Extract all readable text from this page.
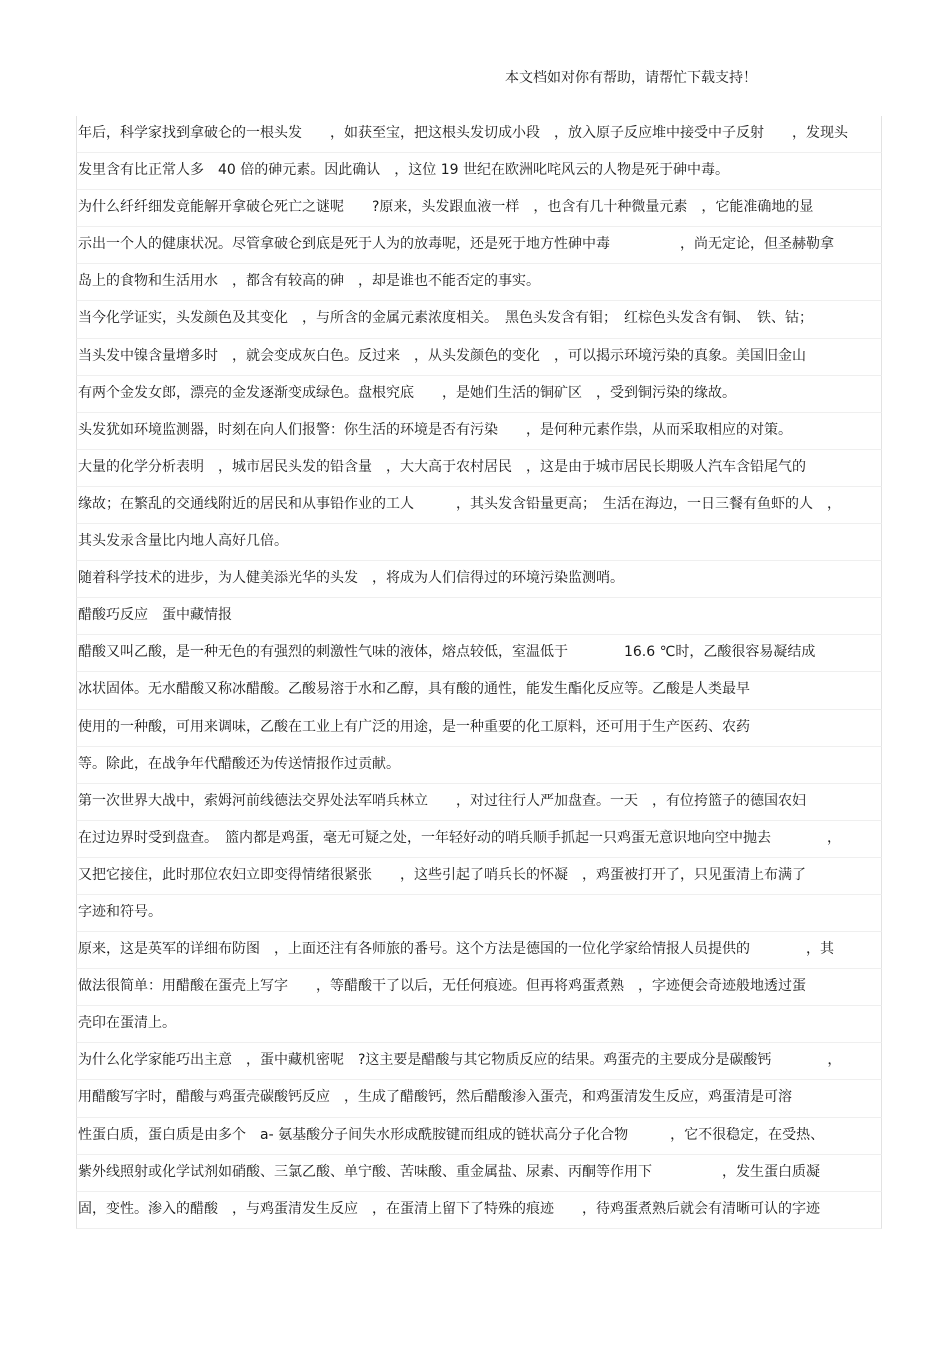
本文档如对你有帮助，请帮忙下载支持！
年后，科学家找到拿破仑的一根头发　　，如获至宝，把这根头发切成小段　，放入原子反应堆中接受中子反射　　，发现头
发里含有比正常人多　40 倍的砷元素。因此确认　，这位 19 世纪在欧洲叱咤风云的人物是死于砷中毒。
为什么纤纤细发竟能解开拿破仑死亡之谜呢　　?原来，头发跟血液一样　，也含有几十种微量元素　，它能准确地的显
示出一个人的健康状况。尽管拿破仑到底是死于人为的放毒呢，还是死于地方性砷中毒　　　　　，尚无定论，但圣赫勒拿
岛上的食物和生活用水　，都含有较高的砷　，却是谁也不能否定的事实。
当今化学证实，头发颜色及其变化　，与所含的金属元素浓度相关。　黑色头发含有钼；　红棕色头发含有铜、　铁、钴；
当头发中镍含量增多时　，就会变成灰白色。反过来　，从头发颜色的变化　，可以揭示环境污染的真象。美国旧金山
有两个金发女郎，漂亮的金发逐渐变成绿色。盘根究底　　，是她们生活的铜矿区　，受到铜污染的缘故。
头发犹如环境监测器，时刻在向人们报警：你生活的环境是否有污染　　，是何种元素作祟，从而采取相应的对策。
大量的化学分析表明　，城市居民头发的铅含量　，大大高于农村居民　，这是由于城市居民长期吸人汽车含铅尾气的
缘故；在繁乱的交通线附近的居民和从事铅作业的工人　　　，其头发含铅量更高；　生活在海边，一日三餐有鱼虾的人　，
其头发汞含量比内地人高好几倍。
随着科学技术的进步，为人健美添光华的头发　，将成为人们信得过的环境污染监测哨。
醋酸巧反应　蛋中藏情报
醋酸又叫乙酸，是一种无色的有强烈的刺激性气味的液体，熔点较低，室温低于　　　　16.6 ℃时，乙酸很容易凝结成
冰状固体。无水醋酸又称冰醋酸。乙酸易溶于水和乙醇，具有酸的通性，能发生酯化反应等。乙酸是人类最早
使用的一种酸，可用来调味，乙酸在工业上有广泛的用途，是一种重要的化工原料，还可用于生产医药、农药
等。除此，在战争年代醋酸还为传送情报作过贡献。
第一次世界大战中，索姆河前线德法交界处法军哨兵林立　　，对过往行人严加盘查。一天　，有位挎篮子的德国农妇
在过边界时受到盘查。　篮内都是鸡蛋，毫无可疑之处，一年轻好动的哨兵顺手抓起一只鸡蛋无意识地向空中抛去　　　　，
又把它接住，此时那位农妇立即变得情绪很紧张　　，这些引起了哨兵长的怀凝　，鸡蛋被打开了，只见蛋清上布满了
字迹和符号。
原来，这是英军的详细布防图　，上面还注有各师旅的番号。这个方法是德国的一位化学家给情报人员提供的　　　　，其
做法很简单：用醋酸在蛋壳上写字　　，等醋酸干了以后，无任何痕迹。但再将鸡蛋煮熟　，字迹便会奇迹般地透过蛋
壳印在蛋清上。
为什么化学家能巧出主意　，蛋中藏机密呢　?这主要是醋酸与其它物质反应的结果。鸡蛋壳的主要成分是碳酸钙　　　　，
用醋酸写字时，醋酸与鸡蛋壳碳酸钙反应　，生成了醋酸钙，然后醋酸渗入蛋壳，和鸡蛋清发生反应，鸡蛋清是可溶
性蛋白质，蛋白质是由多个　a- 氨基酸分子间失水形成酰胺键而组成的链状高分子化合物　　　，它不很稳定，在受热、
紫外线照射或化学试剂如硝酸、三氯乙酸、单宁酸、苦味酸、重金属盐、尿素、丙酮等作用下　　　　　，发生蛋白质凝
固，变性。渗入的醋酸　，与鸡蛋清发生反应　，在蛋清上留下了特殊的痕迹　　，待鸡蛋煮熟后就会有清晰可认的字迹
